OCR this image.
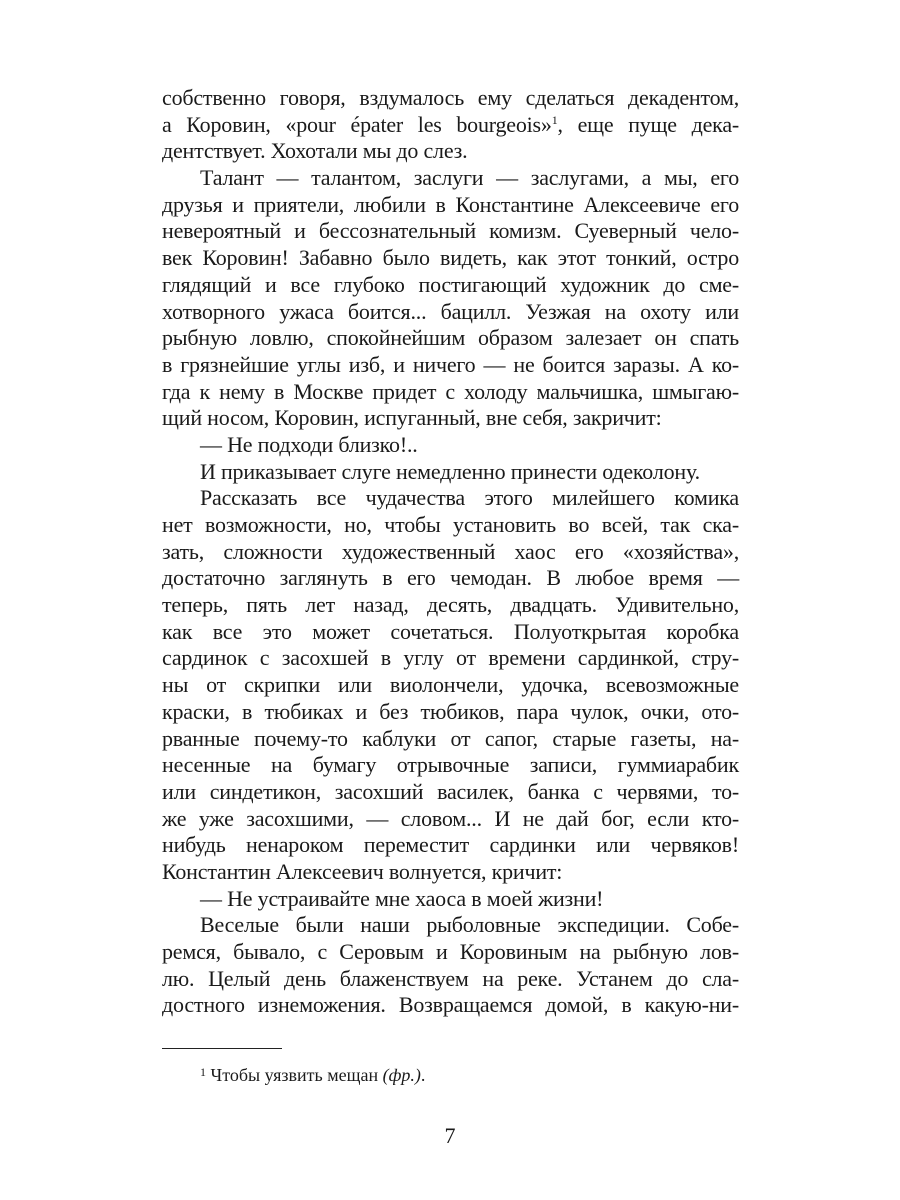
собственно говоря, вздумалось ему сделаться декадентом,
a Коровин, «pour épater les bourgeois»$^1$, еще пуще дека-
дентствует. Хохотали мы до слез.
Талант — талантом, заслуги — заслугами, а мы, его
друзья и приятели, любили в Константине Алексеевиче его
невероятный и бессознательный комизм. Суеверный чело-
век Коровин! Забавно было видеть, как этот тонкий, остро
глядящий и все глубоко постигающий художник до сме-
хотворного ужаса боится... бацилл. Уезжая на охоту или
рыбную ловлю, спокойнейшим образом залезает он спать
в грязнейшие углы изб, и ничего — не боится заразы. А ко-
гда к нему в Москве придет с холоду мальчишка, шмыгаю-
щий носом, Коровин, испуганный, вне себя, закричит:
— Не подходи близко!..
И приказывает слуге немедленно принести одеколону.
Рассказать все чудачества этого милейшего комика
нет возможности, но, чтобы установить во всей, так ска-
зать, сложности художественный хаос его «хозяйства»,
достаточно заглянуть в его чемодан. В любое время —
теперь, пять лет назад, десять, двадцать. Удивительно,
как все это может сочетаться. Полуоткрытая коробка
сардинок с засохшей в углу от времени сардинкой, стру-
ны от скрипки или виолончели, удочка, всевозможные
краски, в тюбиках и без тюбиков, пара чулок, очки, ото-
рванные почему-то каблуки от сапог, старые газеты, на-
несенные на бумагу отрывочные записи, гуммиарабик
или синдетикон, засохший василек, банка с червями, то-
же уже засохшими, — словом... И не дай бог, если кто-
нибудь ненароком переместит сардинки или червяков!
Константин Алексеевич волнуется, кричит:
— Не устраивайте мне хаоса в моей жизни!
Веселые были наши рыболовные экспедиции. Собе-
ремся, бывало, с Серовым и Коровиным на рыбную лов-
лю. Целый день блаженствуем на реке. Устанем до сла-
достного изнеможения. Возвращаемся домой, в какую-ни-
$^1$ Чтобы уязвить мещан (фр.).
7
